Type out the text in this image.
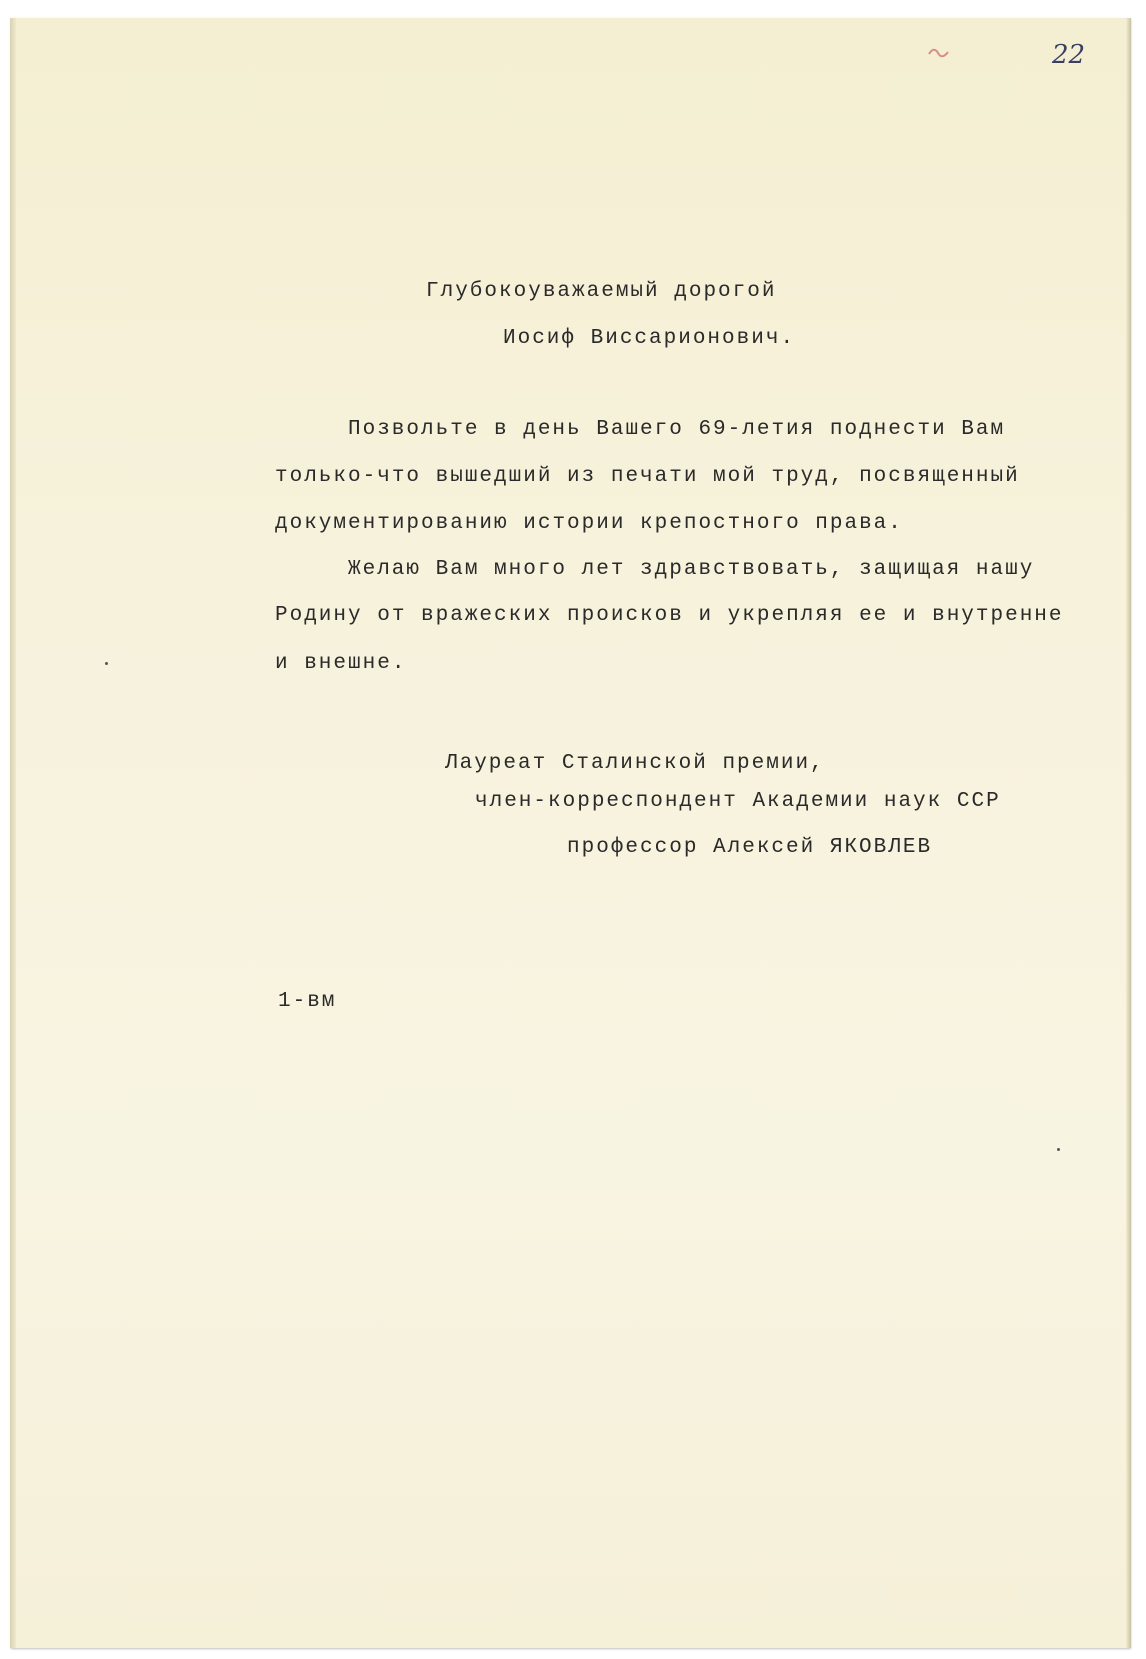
22
Глубокоуважаемый дорогой
Иосиф Виссарионович.
Позвольте в день Вашего 69-летия поднести Вам
только-что вышедший из печати мой труд, посвященный
документированию истории крепостного права.
Желаю Вам много лет здравствовать, защищая нашу
Родину от вражеских происков и укрепляя ее и внутренне
и внешне.
Лауреат Сталинской премии,
член-корреспондент Академии наук ССР
профессор Алексей ЯКОВЛЕВ
1-вм
